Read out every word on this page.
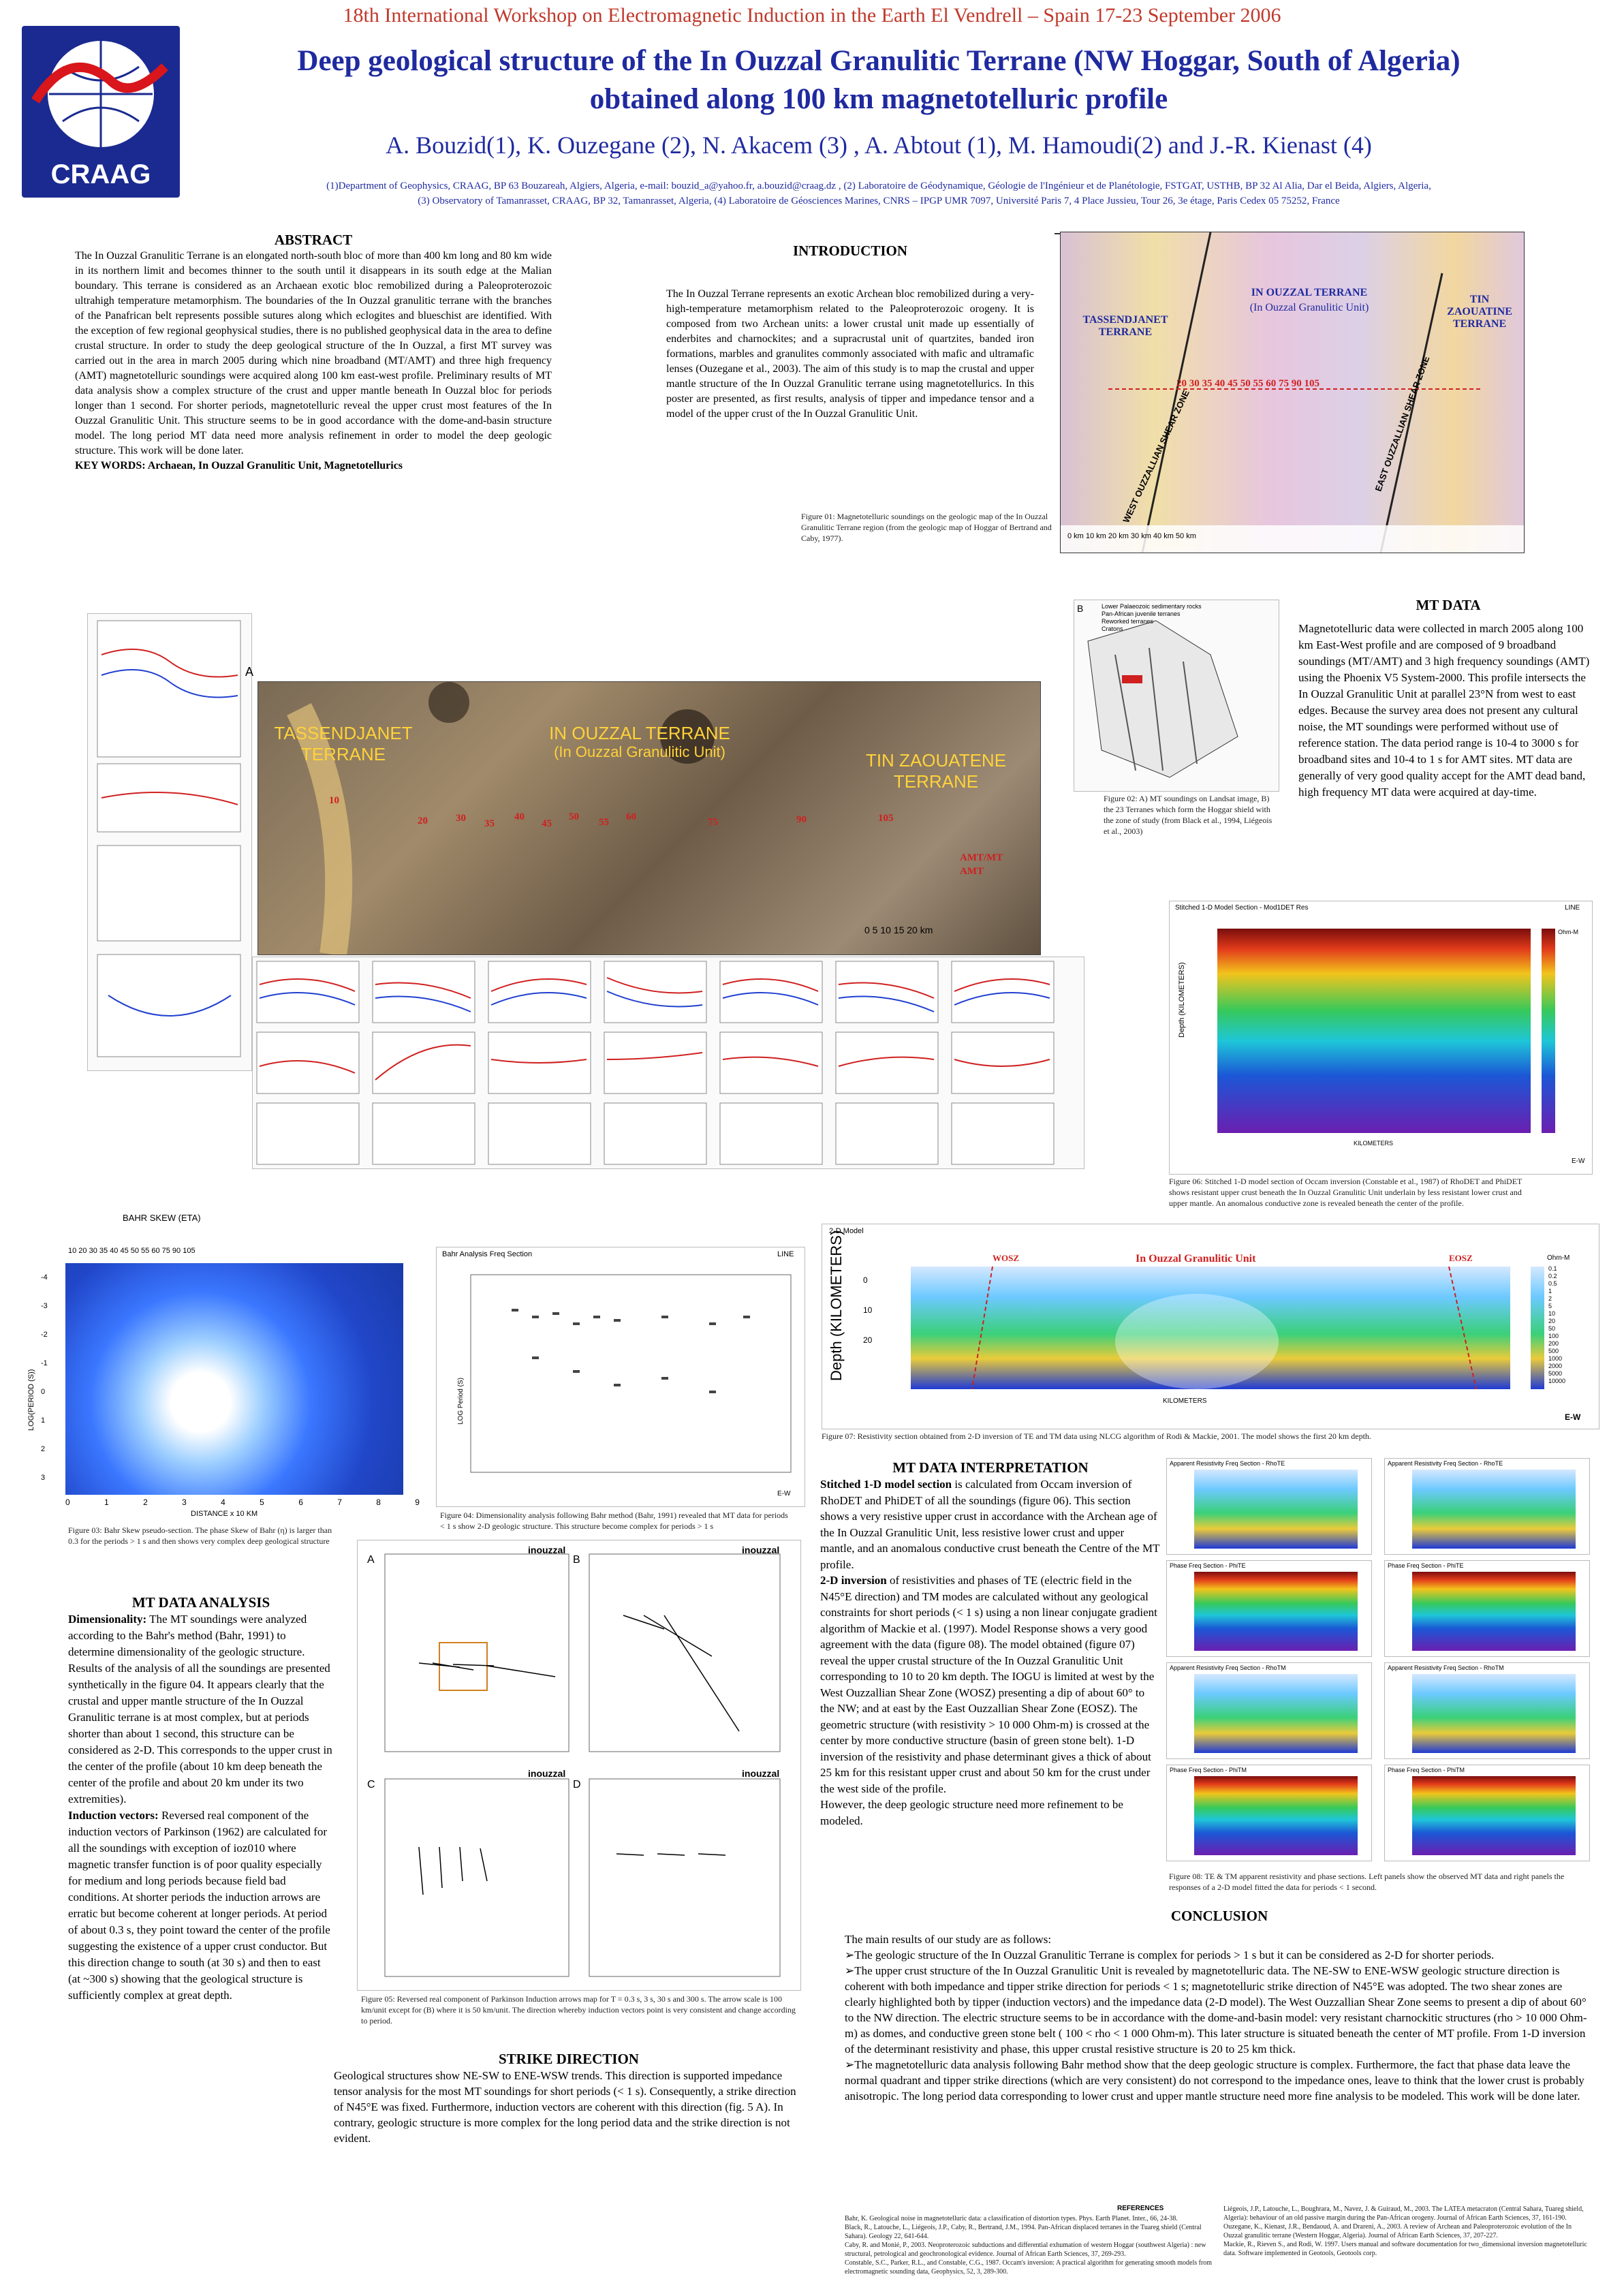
CRAAG
18th International Workshop on Electromagnetic Induction in the Earth El Vendrell – Spain 17-23 September 2006
Deep geological structure of the In Ouzzal Granulitic Terrane (NW Hoggar, South of Algeria)
obtained along 100 km magnetotelluric profile
A. Bouzid(1), K. Ouzegane (2), N. Akacem (3) , A. Abtout (1), M. Hamoudi(2) and J.-R. Kienast (4)
(1)Department of Geophysics, CRAAG, BP 63 Bouzareah, Algiers, Algeria, e-mail: bouzid_a@yahoo.fr, a.bouzid@craag.dz , (2) Laboratoire de Géodynamique, Géologie de l'Ingénieur et de Planétologie, FSTGAT, USTHB, BP 32 Al Alia, Dar el Beida, Algiers, Algeria,
(3) Observatory of Tamanrasset, CRAAG, BP 32, Tamanrasset, Algeria, (4) Laboratoire de Géosciences Marines, CNRS – IPGP UMR 7097, Université Paris 7, 4 Place Jussieu, Tour 26, 3e étage, Paris Cedex 05 75252, France
ABSTRACT
The In Ouzzal Granulitic Terrane is an elongated north-south bloc of more than 400 km long and 80 km wide in its northern limit and becomes thinner to the south until it disappears in its south edge at the Malian boundary. This terrane is considered as an Archaean exotic bloc remobilized during a Paleoproterozoic ultrahigh temperature metamorphism. The boundaries of the In Ouzzal granulitic terrane with the branches of the Panafrican belt represents possible sutures along which eclogites and blueschist are identified. With the exception of few regional geophysical studies, there is no published geophysical data in the area to define crustal structure. In order to study the deep geological structure of the In Ouzzal, a first MT survey was carried out in the area in march 2005 during which nine broadband (MT/AMT) and three high frequency (AMT) magnetotelluric soundings were acquired along 100 km east-west profile. Preliminary results of MT data analysis show a complex structure of the crust and upper mantle beneath In Ouzzal bloc for periods longer than 1 second. For shorter periods, magnetotelluric reveal the upper crust most features of the In Ouzzal Granulitic Unit. This structure seems to be in good accordance with the dome-and-basin structure model. The long period MT data need more analysis refinement in order to model the deep geologic structure. This work will be done later.
KEY WORDS: Archaean, In Ouzzal Granulitic Unit, Magnetotellurics
INTRODUCTION
The In Ouzzal Terrane represents an exotic Archean bloc remobilized during a very-high-temperature metamorphism related to the Paleoproterozoic orogeny. It is composed from two Archean units: a lower crustal unit made up essentially of enderbites and charnockites; and a supracrustal unit of quartzites, banded iron formations, marbles and granulites commonly associated with mafic and ultramafic lenses (Ouzegane et al., 2003). The aim of this study is to map the crustal and upper mantle structure of the In Ouzzal Granulitic terrane using magnetotellurics. In this poster are presented, as first results, analysis of tipper and impedance tensor and a model of the upper crust of the In Ouzzal Granulitic Unit.
TASSENDJANET TERRANE
IN OUZZAL TERRANE
(In Ouzzal Granulitic Unit)
TIN ZAOUATINE TERRANE
20 30 35 40 45 50 55 60 75 90 105
WEST OUZZALLIAN SHEAR ZONE	EAST OUZZALLIAN SHEAR ZONE
0 km 10 km 20 km 30 km 40 km 50 km
Figure 01: Magnetotelluric soundings on the geologic map of the In Ouzzal Granulitic Terrane region (from the geologic map of Hoggar of Bertrand and Caby, 1977).
TASSENDJANET TERRANE
IN OUZZAL TERRANE
(In Ouzzal Granulitic Unit)	TIN ZAOUATENE TERRANE
10
20	30 35
40
45
50 55 60	75	90	105
AMT/MT
AMT
0 5 10 15 20 km
A
B	Lower Palaeozoic sedimentary rocks
Pan-African juvenile terranes
Reworked terranes
Cratons
Figure 02: A) MT soundings on Landsat image, B) the 23 Terranes which form the Hoggar shield with the zone of study (from Black et al., 1994, Liégeois et al., 2003)
MT DATA
Magnetotelluric data were collected in march 2005 along 100 km East-West profile and are composed of 9 broadband soundings (MT/AMT) and 3 high frequency soundings (AMT) using the Phoenix V5 System-2000. This profile intersects the In Ouzzal Granulitic Unit at parallel 23°N from west to east edges. Because the survey area does not present any cultural noise, the MT soundings were performed without use of reference station. The data period range is 10-4 to 3000 s for broadband sites and 10-4 to 1 s for AMT sites. MT data are generally of very good quality accept for the AMT dead band, high frequency MT data were acquired at day-time.
Stitched 1-D Model Section - Mod1DET Res	LINE
Depth (KILOMETERS)
Ohm-M
KILOMETERS
E-W
Figure 06: Stitched 1-D model section of Occam inversion (Constable et al., 1987) of RhoDET and PhiDET shows resistant upper crust beneath the In Ouzzal Granulitic Unit underlain by less resistant lower crust and upper mantle. An anomalous conductive zone is revealed beneath the center of the profile.
BAHR SKEW (ETA)
10 20 30 35 40 45 50 55 60 75 90 105
-4
-3
-2
-1
0
1
2
3
LOG(PERIOD (S))
0	1	2	3	4	5	6	7	8	9
DISTANCE x 10 KM
Figure 03: Bahr Skew pseudo-section. The phase Skew of Bahr (η) is larger than 0.3 for the periods > 1 s and then shows very complex deep geological structure
Bahr Analysis Freq Section	LINE
LOG Period (S)
E-W
Figure 04: Dimensionality analysis following Bahr method (Bahr, 1991) revealed that MT data for periods < 1 s show 2-D geologic structure. This structure become complex for periods > 1 s
2-D Model
Depth (KILOMETERS) 0
10
20
WOSZ	In Ouzzal Granulitic Unit	EOSZ	Ohm-M
0.1
0.2
0.5
1
2
5
10
20
50
100
200
500
1000
2000
5000
10000
KILOMETERS
E-W
Figure 07: Resistivity section obtained from 2-D inversion of TE and TM data using NLCG algorithm of Rodi & Mackie, 2001. The model shows the first 20 km depth.
MT DATA ANALYSIS
Dimensionality: The MT soundings were analyzed according to the Bahr's method (Bahr, 1991) to determine dimensionality of the geologic structure. Results of the analysis of all the soundings are presented synthetically in the figure 04. It appears clearly that the crustal and upper mantle structure of the In Ouzzal Granulitic terrane is at most complex, but at periods shorter than about 1 second, this structure can be considered as 2-D. This corresponds to the upper crust in the center of the profile (about 10 km deep beneath the center of the profile and about 20 km under its two extremities).
Induction vectors: Reversed real component of the induction vectors of Parkinson (1962) are calculated for all the soundings with exception of ioz010 where magnetic transfer function is of poor quality especially for medium and long periods because field bad conditions. At shorter periods the induction arrows are erratic but become coherent at longer periods. At period of about 0.3 s, they point toward the center of the profile suggesting the existence of a upper crust conductor. But this direction change to south (at 30 s) and then to east (at ~300 s) showing that the geological structure is sufficiently complex at great depth.
A	B
C	D
inouzzal	inouzzal
inouzzal	inouzzal
Figure 05: Reversed real component of Parkinson Induction arrows map for T = 0.3 s, 3 s, 30 s and 300 s. The arrow scale is 100 km/unit except for (B) where it is 50 km/unit. The direction whereby induction vectors point is very consistent and change according to period.
STRIKE DIRECTION
Geological structures show NE-SW to ENE-WSW trends. This direction is supported impedance tensor analysis for the most MT soundings for short periods (< 1 s). Consequently, a strike direction of N45°E was fixed. Furthermore, induction vectors are coherent with this direction (fig. 5 A). In contrary, geologic structure is more complex for the long period data and the strike direction is not evident.
MT DATA INTERPRETATION
Stitched 1-D model section is calculated from Occam inversion of RhoDET and PhiDET of all the soundings (figure 06). This section shows a very resistive upper crust in accordance with the Archean age of the In Ouzzal Granulitic Unit, less resistive lower crust and upper mantle, and an anomalous conductive crust beneath the Centre of the MT profile.
2-D inversion of resistivities and phases of TE (electric field in the N45°E direction) and TM modes are calculated without any geological constraints for short periods (< 1 s) using a non linear conjugate gradient algorithm of Mackie et al. (1997). Model Response shows a very good agreement with the data (figure 08). The model obtained (figure 07) reveal the upper crustal structure of the In Ouzzal Granulitic Unit corresponding to 10 to 20 km depth. The IOGU is limited at west by the West Ouzzallian Shear Zone (WOSZ) presenting a dip of about 60° to the NW; and at east by the East Ouzzallian Shear Zone (EOSZ). The geometric structure (with resistivity > 10 000 Ohm-m) is crossed at the center by more conductive structure (basin of green stone belt). 1-D inversion of the resistivity and phase determinant gives a thick of about 25 km for this resistant upper crust and about 50 km for the crust under the west side of the profile.
However, the deep geologic structure need more refinement to be modeled.
Apparent Resistivity Freq Section - RhoTE	Apparent Resistivity Freq Section - RhoTE
Phase Freq Section - PhiTE	Phase Freq Section - PhiTE
Apparent Resistivity Freq Section - RhoTM	Apparent Resistivity Freq Section - RhoTM
Phase Freq Section - PhiTM	Phase Freq Section - PhiTM
Figure 08: TE & TM apparent resistivity and phase sections. Left panels show the observed MT data and right panels the responses of a 2-D model fitted the data for periods < 1 second.
CONCLUSION
The main results of our study are as follows:
➢The geologic structure of the In Ouzzal Granulitic Terrane is complex for periods > 1 s but it can be considered as 2-D for shorter periods.
➢The upper crust structure of the In Ouzzal Granulitic Unit is revealed by magnetotelluric data. The NE-SW to ENE-WSW geologic structure direction is coherent with both impedance and tipper strike direction for periods < 1 s; magnetotelluric strike direction of N45°E was adopted. The two shear zones are clearly highlighted both by tipper (induction vectors) and the impedance data (2-D model). The West Ouzzallian Shear Zone seems to present a dip of about 60° to the NW direction. The electric structure seems to be in accordance with the dome-and-basin model: very resistant charnockitic structures (rho > 10 000 Ohm-m) as domes, and conductive green stone belt ( 100 < rho < 1 000 Ohm-m). This later structure is situated beneath the center of MT profile. From 1-D inversion of the determinant resistivity and phase, this upper crustal resistive structure is 20 to 25 km thick.
➢The magnetotelluric data analysis following Bahr method show that the deep geologic structure is complex. Furthermore, the fact that phase data leave the normal quadrant and tipper strike directions (which are very consistent) do not correspond to the impedance ones, leave to think that the lower crust is probably anisotropic. The long period data corresponding to lower crust and upper mantle structure need more fine analysis to be modeled. This work will be done later.
REFERENCES
Bahr, K. Geological noise in magnetotelluric data: a classification of distortion types. Phys. Earth Planet. Inter., 66, 24-38.
Black, R., Latouche, L., Liégeois, J.P., Caby, R., Bertrand, J.M., 1994. Pan-African displaced terranes in the Tuareg shield (Central Sahara). Geology 22, 641-644.
Caby, R. and Monié, P., 2003. Neoproterozoic subductions and differential exhumation of western Hoggar (southwest Algeria) : new structural, petrological and geochronological evidence. Journal of African Earth Sciences, 37, 269-293.
Constable, S.C., Parker, R.L., and Constable, C.G., 1987. Occam's inversion: A practical algorithm for generating smooth models from electromagnetic sounding data, Geophysics, 52, 3, 289-300.
Liégeois, J.P., Latouche, L., Boughrara, M., Navez, J. & Guiraud, M., 2003. The LATEA metacraton (Central Sahara, Tuareg shield, Algeria): behaviour of an old passive margin during the Pan-African orogeny. Journal of African Earth Sciences, 37, 161-190.
Ouzegane, K., Kienast, J.R., Bendaoud, A. and Drareni, A., 2003. A review of Archean and Paleoproterozoic evolution of the In Ouzzal granulitic terrane (Western Hoggar, Algeria). Journal of African Earth Sciences, 37, 207-227.
Mackie, R., Rieven S., and Rodi, W. 1997. Users manual and software documentation for two_dimensional inversion magnetotelluric data. Software implemented in Geotools, Geotools corp.
